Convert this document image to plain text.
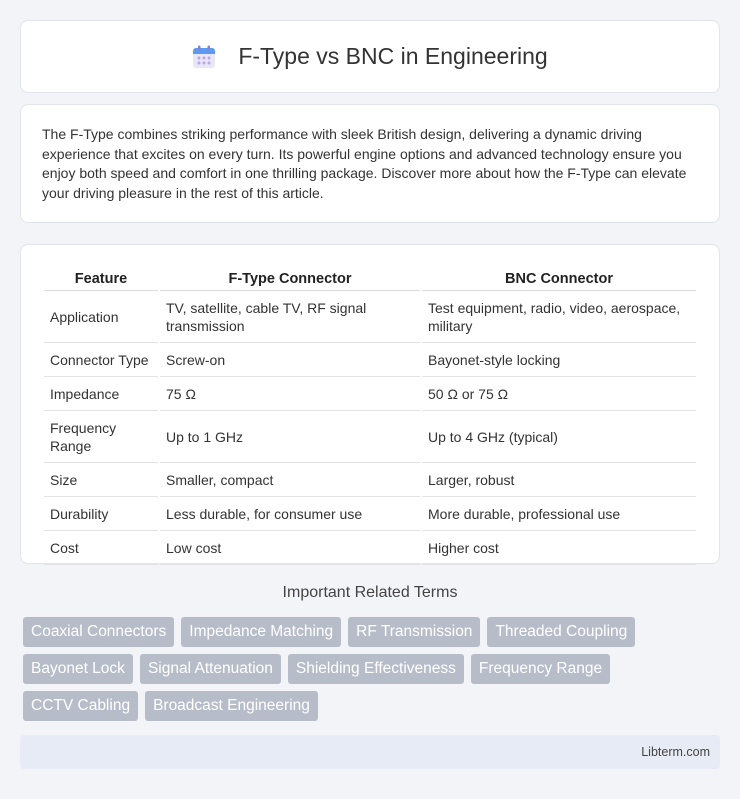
F-Type vs BNC in Engineering

The F-Type combines striking performance with sleek British design, delivering a dynamic driving experience that excites on every turn. Its powerful engine options and advanced technology ensure you enjoy both speed and comfort in one thrilling package. Discover more about how the F-Type can elevate your driving pleasure in the rest of this article.

Feature	F-Type Connector	BNC Connector
Application	TV, satellite, cable TV, RF signal transmission	Test equipment, radio, video, aerospace, military
Connector Type	Screw-on	Bayonet-style locking
Impedance	75 Ω	50 Ω or 75 Ω
Frequency Range	Up to 1 GHz	Up to 4 GHz (typical)
Size	Smaller, compact	Larger, robust
Durability	Less durable, for consumer use	More durable, professional use
Cost	Low cost	Higher cost
Important Related Terms
Coaxial Connectors	Impedance Matching	RF Transmission	Threaded Coupling
Bayonet Lock	Signal Attenuation	Shielding Effectiveness	Frequency Range
CCTV Cabling	Broadcast Engineering
Libterm.com
